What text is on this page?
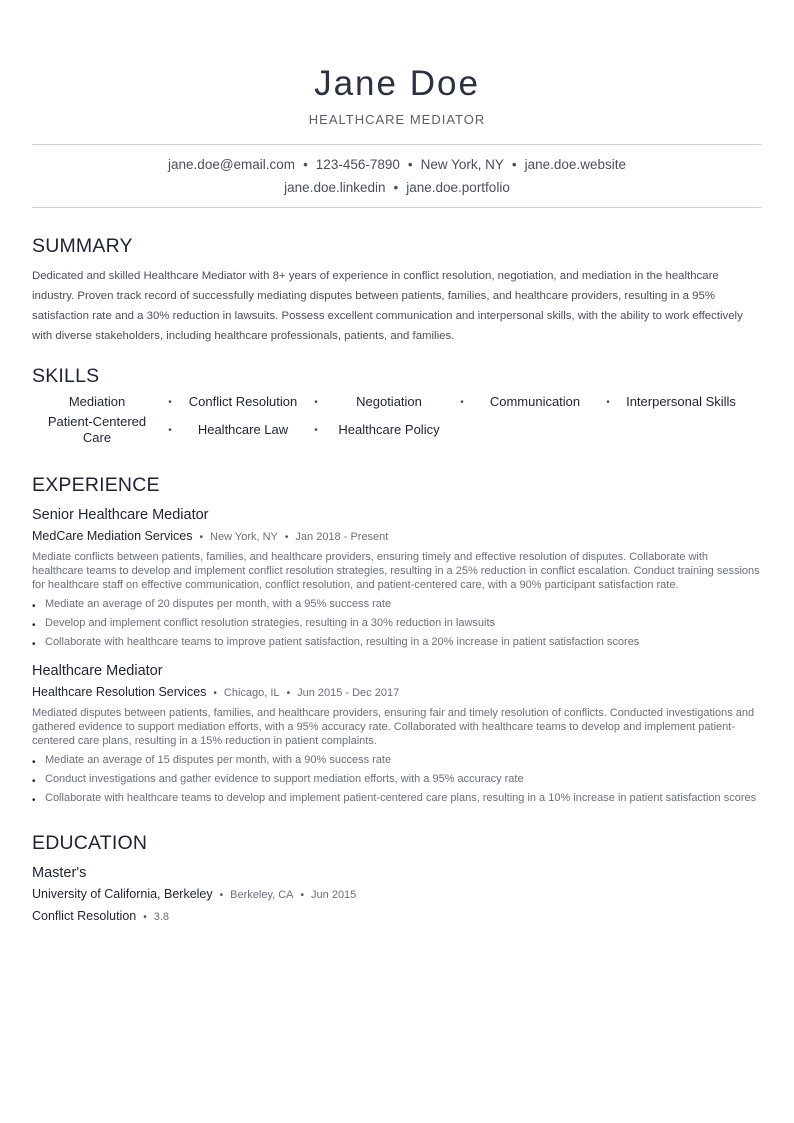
Jane Doe
HEALTHCARE MEDIATOR
jane.doe@email.com • 123-456-7890 • New York, NY • jane.doe.website
jane.doe.linkedin • jane.doe.portfolio
SUMMARY
Dedicated and skilled Healthcare Mediator with 8+ years of experience in conflict resolution, negotiation, and mediation in the healthcare industry. Proven track record of successfully mediating disputes between patients, families, and healthcare providers, resulting in a 95% satisfaction rate and a 30% reduction in lawsuits. Possess excellent communication and interpersonal skills, with the ability to work effectively with diverse stakeholders, including healthcare professionals, patients, and families.
SKILLS
Mediation	•	Conflict Resolution	•	Negotiation	•	Communication	•	Interpersonal Skills
Patient-Centered Care	•	Healthcare Law	•	Healthcare Policy
EXPERIENCE
Senior Healthcare Mediator
MedCare Mediation Services • New York, NY • Jan 2018 - Present
Mediate conflicts between patients, families, and healthcare providers, ensuring timely and effective resolution of disputes. Collaborate with healthcare teams to develop and implement conflict resolution strategies, resulting in a 25% reduction in conflict escalation. Conduct training sessions for healthcare staff on effective communication, conflict resolution, and patient-centered care, with a 90% participant satisfaction rate.
• Mediate an average of 20 disputes per month, with a 95% success rate
• Develop and implement conflict resolution strategies, resulting in a 30% reduction in lawsuits
• Collaborate with healthcare teams to improve patient satisfaction, resulting in a 20% increase in patient satisfaction scores
Healthcare Mediator
Healthcare Resolution Services • Chicago, IL • Jun 2015 - Dec 2017
Mediated disputes between patients, families, and healthcare providers, ensuring fair and timely resolution of conflicts. Conducted investigations and gathered evidence to support mediation efforts, with a 95% accuracy rate. Collaborated with healthcare teams to develop and implement patient-centered care plans, resulting in a 15% reduction in patient complaints.
• Mediate an average of 15 disputes per month, with a 90% success rate
• Conduct investigations and gather evidence to support mediation efforts, with a 95% accuracy rate
• Collaborate with healthcare teams to develop and implement patient-centered care plans, resulting in a 10% increase in patient satisfaction scores
EDUCATION
Master's
University of California, Berkeley • Berkeley, CA • Jun 2015
Conflict Resolution • 3.8
